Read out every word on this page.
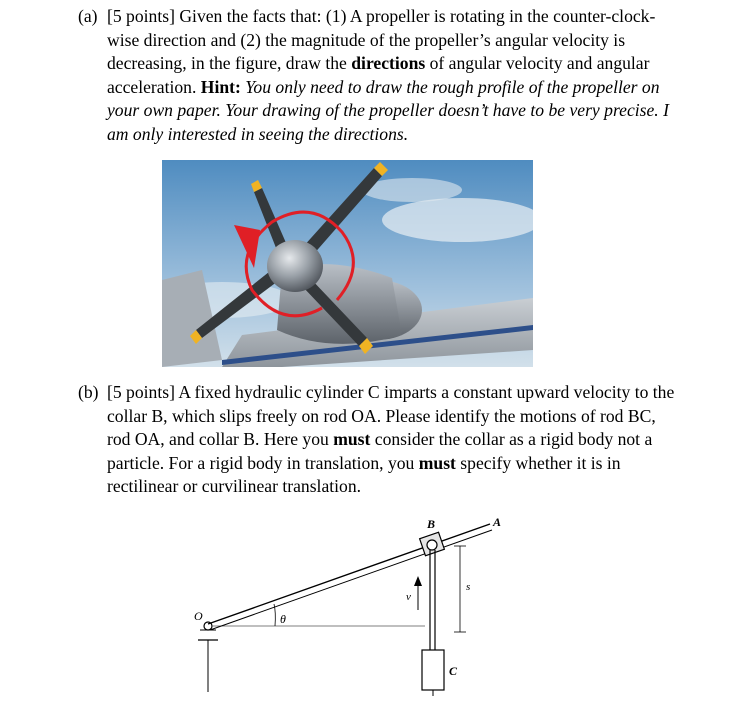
(a) [5 points] Given the facts that: (1) A propeller is rotating in the counter-clock-
wise direction and (2) the magnitude of the propeller’s angular velocity is
decreasing, in the figure, draw the directions of angular velocity and angular
acceleration. Hint: You only need to draw the rough profile of the propeller on
your own paper. Your drawing of the propeller doesn’t have to be very precise. I
am only interested in seeing the directions.
(b) [5 points] A fixed hydraulic cylinder C imparts a constant upward velocity to the
collar B, which slips freely on rod OA. Please identify the motions of rod BC,
rod OA, and collar B. Here you must consider the collar as a rigid body not a
particle. For a rigid body in translation, you must specify whether it is in
rectilinear or curvilinear translation.
O	θ
B	A
v
s
C
